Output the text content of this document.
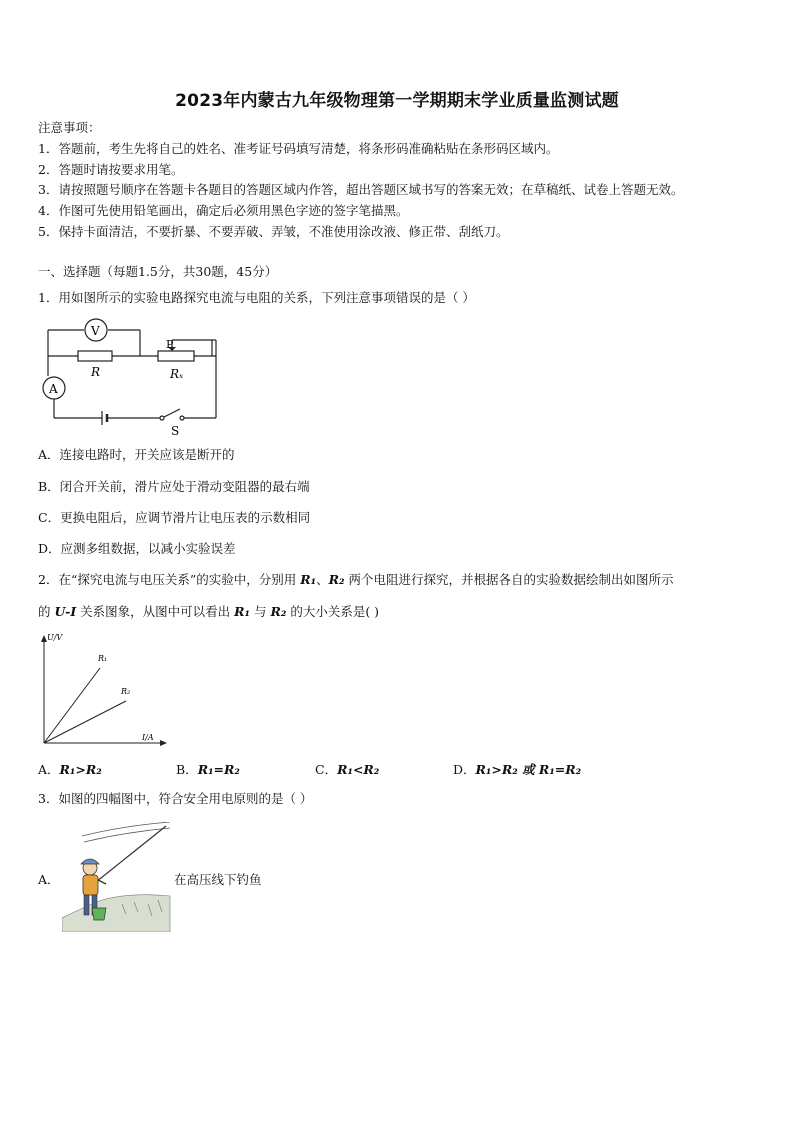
2023年内蒙古九年级物理第一学期期末学业质量监测试题
注意事项：
1．答题前，考生先将自己的姓名、准考证号码填写清楚，将条形码准确粘贴在条形码区域内。
2．答题时请按要求用笔。
3．请按照题号顺序在答题卡各题目的答题区域内作答，超出答题区域书写的答案无效；在草稿纸、试卷上答题无效。
4．作图可先使用铅笔画出，确定后必须用黑色字迹的签字笔描黑。
5．保持卡面清洁，不要折暴、不要弄破、弄皱，不准使用涂改液、修正带、刮纸刀。
一、选择题（每题1.5分，共30题，45分）
1．用如图所示的实验电路探究电流与电阻的关系，下列注意事项错误的是（ ）
V
A
R	Rₓ
P
S
A．连接电路时，开关应该是断开的
B．闭合开关前，滑片应处于滑动变阻器的最右端
C．更换电阻后，应调节滑片让电压表的示数相同
D．应测多组数据，以减小实验误差
2．在“探究电流与电压关系”的实验中，分别用 R₁、R₂ 两个电阻进行探究，并根据各自的实验数据绘制出如图所示
的 U-I 关系图象，从图中可以看出 R₁ 与 R₂ 的大小关系是( )
U/V
I/A
R₁
R₂
A．R₁>R₂	B．R₁=R₂	C．R₁<R₂	D．R₁>R₂ 或 R₁=R₂
3．如图的四幅图中，符合安全用电原则的是（ ）
A．	在高压线下钓鱼
